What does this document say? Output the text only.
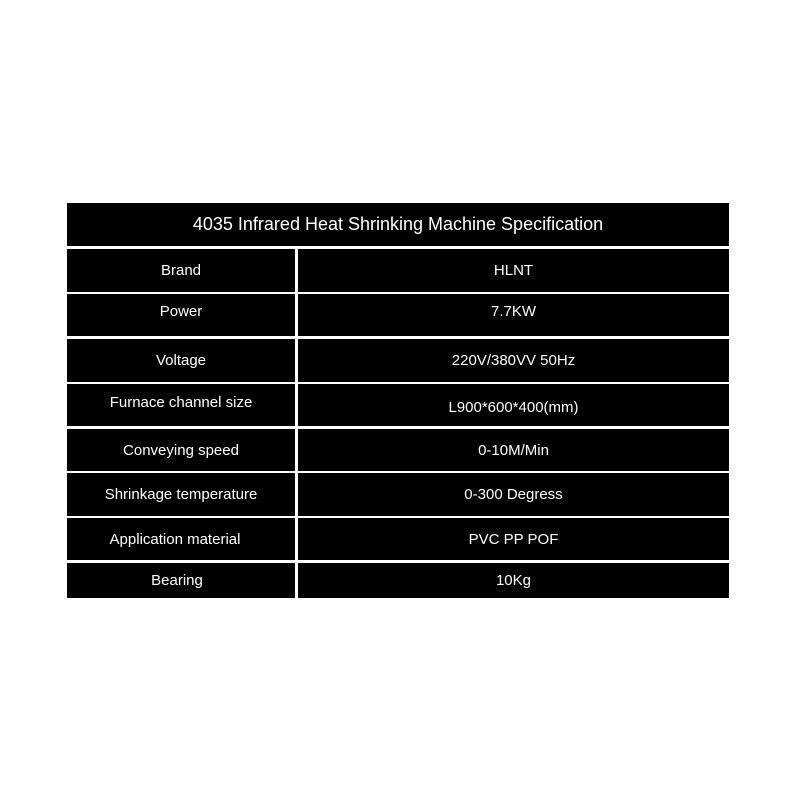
4035 Infrared Heat Shrinking Machine Specification
Brand	HLNT
Power	7.7KW
Voltage	220V/380VV 50Hz
Furnace channel size	L900*600*400(mm)
Conveying speed	0-10M/Min
Shrinkage temperature	0-300 Degress
Application material	PVC PP POF
Bearing	10Kg
